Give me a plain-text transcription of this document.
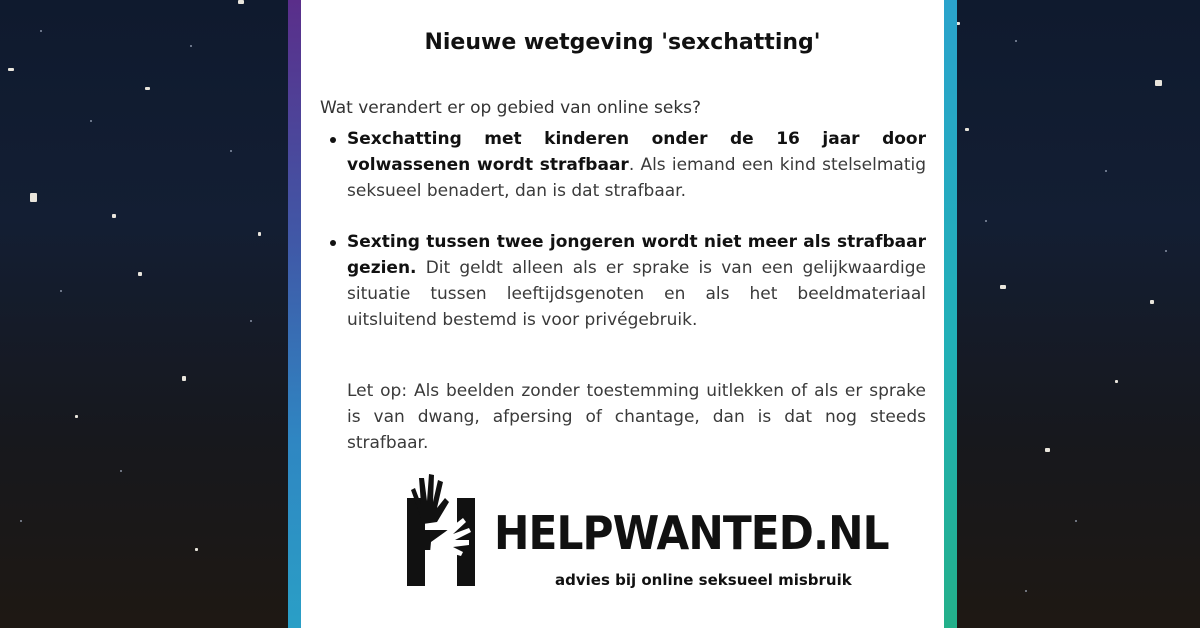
Nieuwe wetgeving 'sexchatting'
Wat verandert er op gebied van online seks?
Sexchatting met kinderen onder de 16 jaar door volwassenen wordt strafbaar. Als iemand een kind stelselmatig seksueel benadert, dan is dat strafbaar.
Sexting tussen twee jongeren wordt niet meer als strafbaar gezien. Dit geldt alleen als er sprake is van een gelijkwaardige situatie tussen leeftijdsgenoten en als het beeldmateriaal uitsluitend bestemd is voor privégebruik.
Let op: Als beelden zonder toestemming uitlekken of als er sprake is van dwang, afpersing of chantage, dan is dat nog steeds strafbaar.
HELPWANTED.NL
advies bij online seksueel misbruik
